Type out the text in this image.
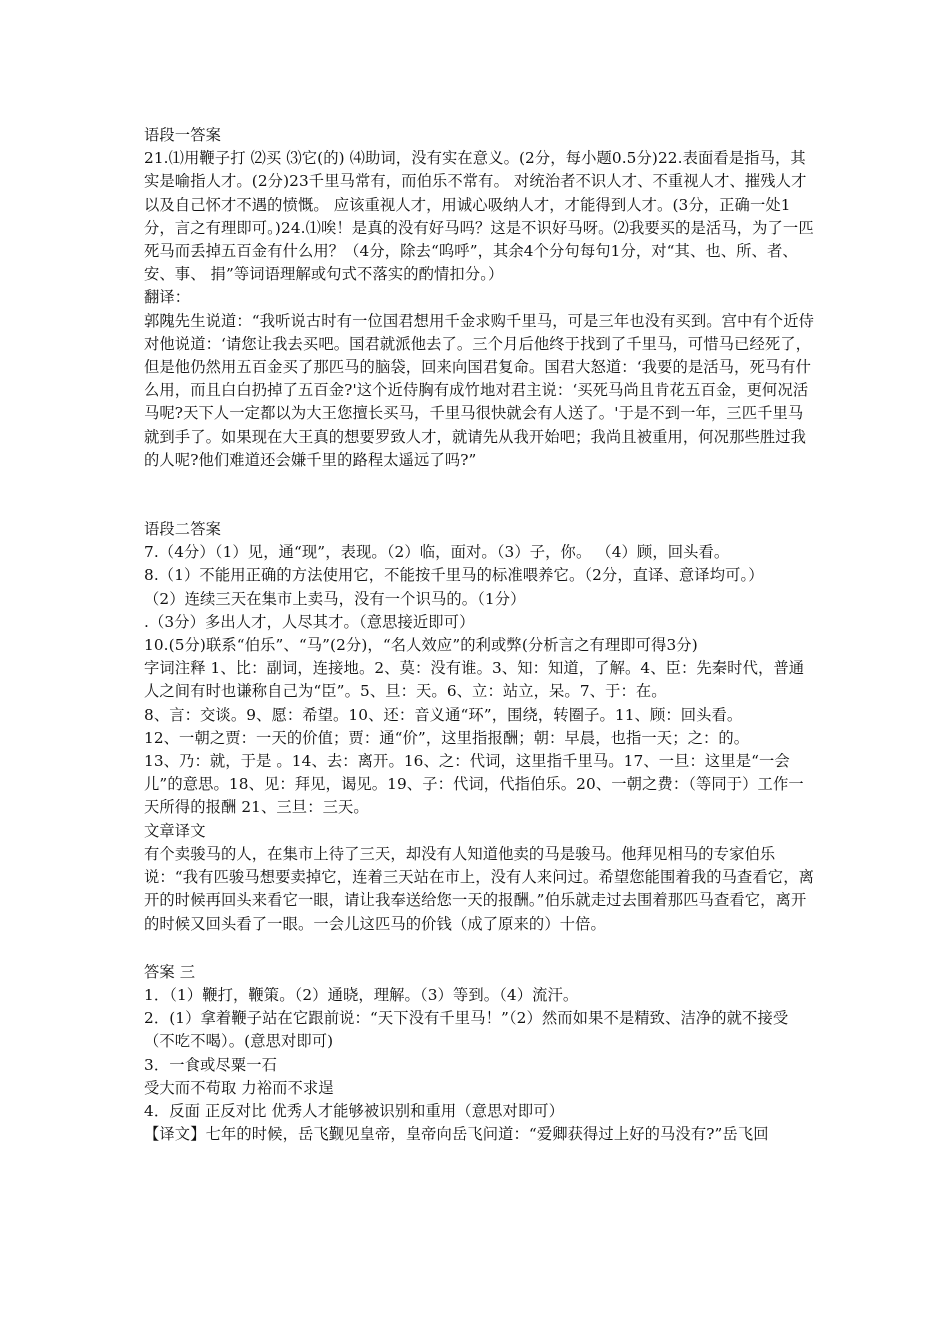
语段一答案

21.⑴用鞭子打 ⑵买 ⑶它(的) ⑷助词，没有实在意义。(2分，每小题0.5分)22.表面看是指马，其实是喻指人才。(2分)23千里马常有，而伯乐不常有。 对统治者不识人才、不重视人才、摧残人才以及自己怀才不遇的愤慨。 应该重视人才，用诚心吸纳人才，才能得到人才。(3分，正确一处1分，言之有理即可。)24.⑴唉！是真的没有好马吗？这是不识好马呀。⑵我要买的是活马，为了一匹死马而丢掉五百金有什么用？（4分，除去“呜呼”，其余4个分句每句1分，对“其、也、所、者、安、事、 捐”等词语理解或句式不落实的酌情扣分。）

翻译：

郭隗先生说道：“我听说古时有一位国君想用千金求购千里马，可是三年也没有买到。宫中有个近侍对他说道：‘请您让我去买吧。国君就派他去了。三个月后他终于找到了千里马，可惜马已经死了，但是他仍然用五百金买了那匹马的脑袋，回来向国君复命。国君大怒道：‘我要的是活马，死马有什么用，而且白白扔掉了五百金?'这个近侍胸有成竹地对君主说：‘买死马尚且肯花五百金，更何况活马呢?天下人一定都以为大王您擅长买马，千里马很快就会有人送了。'于是不到一年，三匹千里马就到手了。如果现在大王真的想要罗致人才，就请先从我开始吧；我尚且被重用，何况那些胜过我的人呢?他们难道还会嫌千里的路程太遥远了吗?”

语段二答案

7.（4分）（1）见，通“现”，表现。（2）临，面对。（3）子，你。 （4）顾，回头看。

8.（1）不能用正确的方法使用它，不能按千里马的标准喂养它。（2分，直译、意译均可。）

（2）连续三天在集市上卖马，没有一个识马的。（1分）

.（3分）多出人才，人尽其才。（意思接近即可）

10.(5分)联系“伯乐”、“马”(2分)，“名人效应”的利或弊(分析言之有理即可得3分)

字词注释 1、比：副词，连接地。2、莫：没有谁。3、知：知道，了解。4、臣：先秦时代，普通人之间有时也谦称自己为“臣”。5、旦：天。6、立：站立，呆。7、于：在。

8、言：交谈。9、愿：希望。10、还：音义通“环”，围绕，转圈子。11、顾：回头看。

12、一朝之贾：一天的价值；贾：通“价”，这里指报酬；朝：早晨，也指一天；之：的。

13、乃：就，于是 。14、去：离开。16、之：代词，这里指千里马。17、一旦：这里是“一会儿”的意思。18、见：拜见，谒见。19、子：代词，代指伯乐。20、一朝之费：（等同于）工作一天所得的报酬 21、三旦：三天。

文章译文

有个卖骏马的人，在集市上待了三天，却没有人知道他卖的马是骏马。他拜见相马的专家伯乐说：“我有匹骏马想要卖掉它，连着三天站在市上，没有人来问过。希望您能围着我的马查看它，离开的时候再回头来看它一眼，请让我奉送给您一天的报酬。”伯乐就走过去围着那匹马查看它，离开的时候又回头看了一眼。一会儿这匹马的价钱（成了原来的）十倍。

答案 三

1．（1）鞭打，鞭策。（2）通晓，理解。（3）等到。（4）流汗。

2．(1）拿着鞭子站在它跟前说：“天下没有千里马！”（2）然而如果不是精致、洁净的就不接受（不吃不喝）。(意思对即可)

3．一食或尽粟一石

受大而不苟取 力裕而不求逞

4．反面 正反对比 优秀人才能够被识别和重用（意思对即可）

【译文】七年的时候，岳飞觐见皇帝，皇帝向岳飞问道：“爱卿获得过上好的马没有?”岳飞回
